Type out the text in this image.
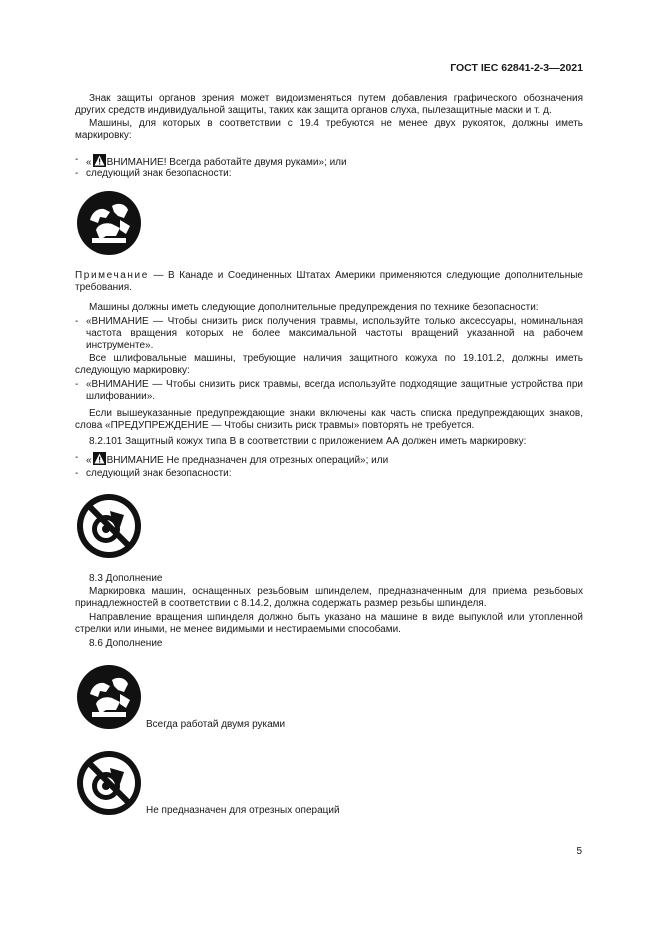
ГОСТ IEC 62841-2-3—2021
Знак защиты органов зрения может видоизменяться путем добавления графического обозначения других средств индивидуальной защиты, таких как защита органов слуха, пылезащитные маски и т. д.
Машины, для которых в соответствии с 19.4 требуются не менее двух рукояток, должны иметь маркировку:
- « ВНИМАНИЕ! Всегда работайте двумя руками»; или
- следующий знак безопасности:
Примечание — В Канаде и Соединенных Штатах Америки применяются следующие дополнительные требования.
Машины должны иметь следующие дополнительные предупреждения по технике безопасности:
- «ВНИМАНИЕ — Чтобы снизить риск получения травмы, используйте только аксессуары, номинальная частота вращения которых не более максимальной частоты вращений указанной на рабочем инструменте».
Все шлифовальные машины, требующие наличия защитного кожуха по 19.101.2, должны иметь следующую маркировку:
- «ВНИМАНИЕ — Чтобы снизить риск травмы, всегда используйте подходящие защитные устройства при шлифовании».
Если вышеуказанные предупреждающие знаки включены как часть списка предупреждающих знаков, слова «ПРЕДУПРЕЖДЕНИЕ — Чтобы снизить риск травмы» повторять не требуется.
8.2.101 Защитный кожух типа В в соответствии с приложением АА должен иметь маркировку:
- « ВНИМАНИЕ Не предназначен для отрезных операций»; или
- следующий знак безопасности:
8.3 Дополнение
Маркировка машин, оснащенных резьбовым шпинделем, предназначенным для приема резьбовых принадлежностей в соответствии с 8.14.2, должна содержать размер резьбы шпинделя.
Направление вращения шпинделя должно быть указано на машине в виде выпуклой или утопленной стрелки или иными, не менее видимыми и нестираемыми способами.
8.6 Дополнение
Всегда работай двумя руками
Не предназначен для отрезных операций
5
